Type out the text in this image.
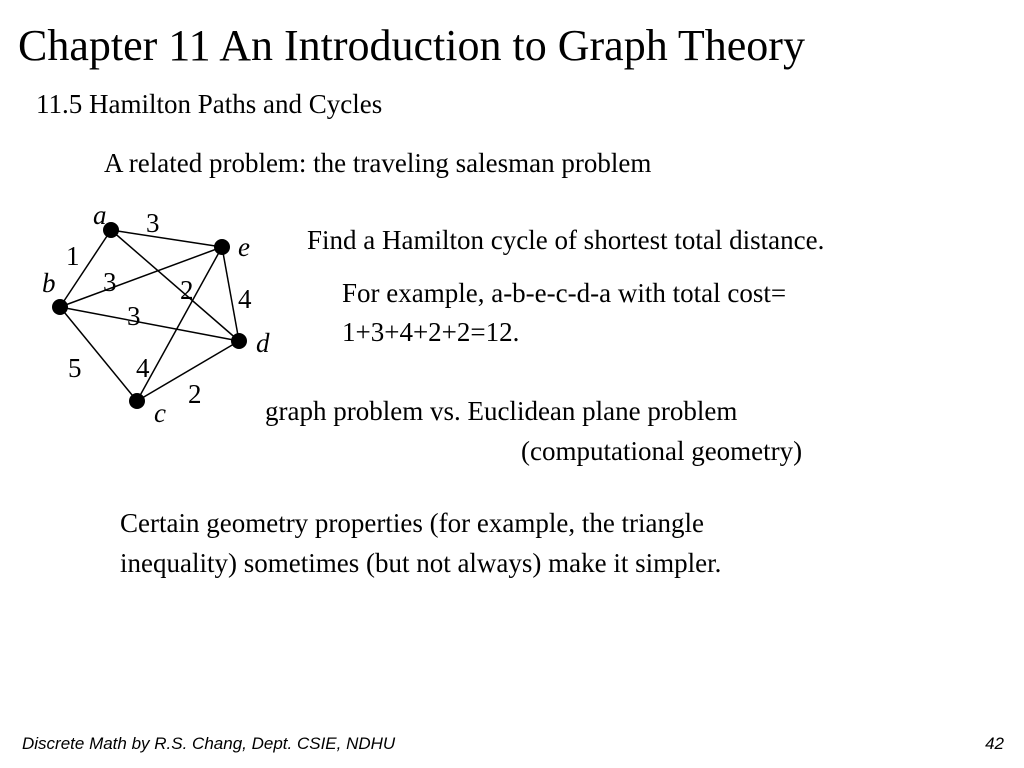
Chapter 11 An Introduction to Graph Theory
11.5 Hamilton Paths and Cycles
A related problem: the traveling salesman problem
a
b
c
d
e
1
3
2
3
3
5 4
2
4
Find a Hamilton cycle of shortest total distance.
For example, a-b-e-c-d-a with total cost=
1+3+4+2+2=12.
graph problem vs. Euclidean plane problem
(computational geometry)
Certain geometry properties (for example, the triangle
inequality) sometimes (but not always) make it simpler.
Discrete Math by R.S. Chang, Dept. CSIE, NDHU	42
